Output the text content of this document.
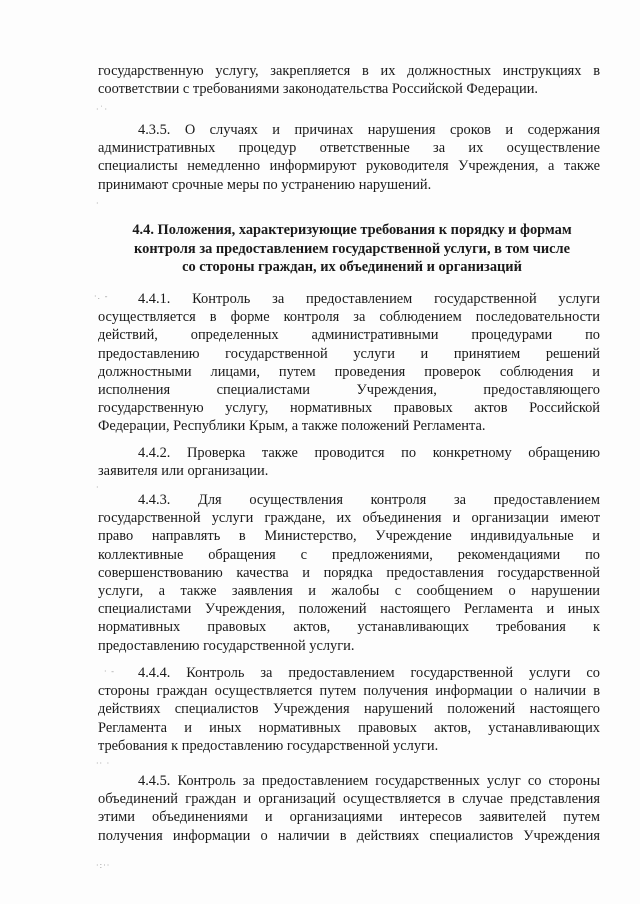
·˙·
·
·. -
·
· -
·· ·
·:··

государственную услугу, закрепляется в их должностных инструкциях в

соответствии с требованиями законодательства Российской Федерации.

4.3.5. О случаях и причинах нарушения сроков и содержания

административных процедур ответственные за их осуществление

специалисты немедленно информируют руководителя Учреждения, а также

принимают срочные меры по устранению нарушений.

4.4. Положения, характеризующие требования к порядку и формам

контроля за предоставлением государственной услуги, в том числе

со стороны граждан, их объединений и организаций

4.4.1. Контроль за предоставлением государственной услуги

осуществляется в форме контроля за соблюдением последовательности

действий, определенных административными процедурами по

предоставлению государственной услуги и принятием решений

должностными лицами, путем проведения проверок соблюдения и

исполнения специалистами Учреждения, предоставляющего

государственную услугу, нормативных правовых актов Российской

Федерации, Республики Крым, а также положений Регламента.

4.4.2. Проверка также проводится по конкретному обращению

заявителя или организации.

4.4.3. Для осуществления контроля за предоставлением

государственной услуги граждане, их объединения и организации имеют

право направлять в Министерство, Учреждение индивидуальные и

коллективные обращения с предложениями, рекомендациями по

совершенствованию качества и порядка предоставления государственной

услуги, а также заявления и жалобы с сообщением о нарушении

специалистами Учреждения, положений настоящего Регламента и иных

нормативных правовых актов, устанавливающих требования к

предоставлению государственной услуги.

4.4.4. Контроль за предоставлением государственной услуги со

стороны граждан осуществляется путем получения информации о наличии в

действиях специалистов Учреждения нарушений положений настоящего

Регламента и иных нормативных правовых актов, устанавливающих

требования к предоставлению государственной услуги.

4.4.5. Контроль за предоставлением государственных услуг со стороны

объединений граждан и организаций осуществляется в случае представления

этими объединениями и организациями интересов заявителей путем

получения информации о наличии в действиях специалистов Учреждения
